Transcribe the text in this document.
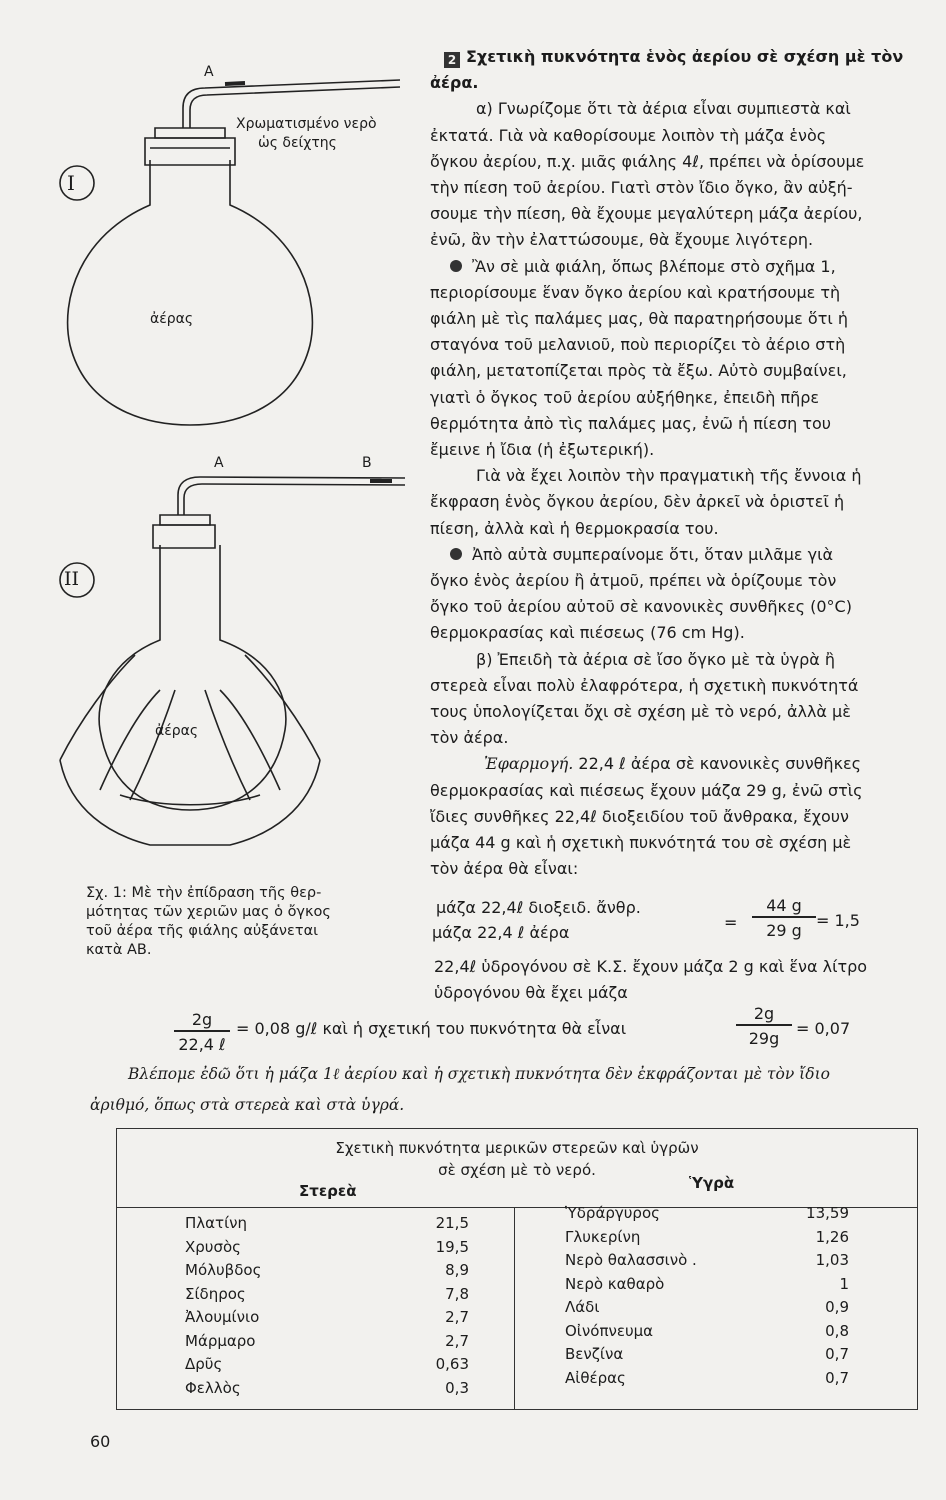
I
II
A
A	B
Χρωματισμένο νερὸ
ὡς δείχτης
ἀέρας
ἀέρας
Σχ. 1: Μὲ τὴν ἐπίδραση τῆς θερ-
μότητας τῶν χεριῶν μας ὁ ὄγκος
τοῦ ἀέρα τῆς φιάλης αὐξάνεται
κατὰ ΑΒ.

2 Σχετικὴ πυκνότητα ἑνὸς ἀερίου σὲ σχέση μὲ τὸν

ἀέρα.

α) Γνωρίζομε ὅτι τὰ ἀέρια εἶναι συμπιεστὰ καὶ

ἐκτατά. Γιὰ νὰ καθορίσουμε λοιπὸν τὴ μάζα ἑνὸς

ὄγκου ἀερίου, π.χ. μιᾶς φιάλης 4ℓ, πρέπει νὰ ὁρίσουμε

τὴν πίεση τοῦ ἀερίου. Γιατὶ στὸν ἴδιο ὄγκο, ἂν αὐξή-

σουμε τὴν πίεση, θὰ ἔχουμε μεγαλύτερη μάζα ἀερίου,

ἐνῶ, ἂν τὴν ἐλαττώσουμε, θὰ ἔχουμε λιγότερη.

Ἂν σὲ μιὰ φιάλη, ὅπως βλέπομε στὸ σχῆμα 1,

περιορίσουμε ἕναν ὄγκο ἀερίου καὶ κρατήσουμε τὴ

φιάλη μὲ τὶς παλάμες μας, θὰ παρατηρήσουμε ὅτι ἡ

σταγόνα τοῦ μελανιοῦ, ποὺ περιορίζει τὸ ἀέριο στὴ

φιάλη, μετατοπίζεται πρὸς τὰ ἔξω. Αὐτὸ συμβαίνει,

γιατὶ ὁ ὄγκος τοῦ ἀερίου αὐξήθηκε, ἐπειδὴ πῆρε

θερμότητα ἀπὸ τὶς παλάμες μας, ἐνῶ ἡ πίεση του

ἔμεινε ἡ ἴδια (ἡ ἐξωτερική).

Γιὰ νὰ ἔχει λοιπὸν τὴν πραγματικὴ τῆς ἔννοια ἡ

ἔκφραση ἑνὸς ὄγκου ἀερίου, δὲν ἀρκεῖ νὰ ὁριστεῖ ἡ

πίεση, ἀλλὰ καὶ ἡ θερμοκρασία του.

Ἀπὸ αὐτὰ συμπεραίνομε ὅτι, ὅταν μιλᾶμε γιὰ

ὄγκο ἑνὸς ἀερίου ἢ ἀτμοῦ, πρέπει νὰ ὁρίζουμε τὸν

ὄγκο τοῦ ἀερίου αὐτοῦ σὲ κανονικὲς συνθῆκες (0°C)

θερμοκρασίας καὶ πιέσεως (76 cm Hg).

β) Ἐπειδὴ τὰ ἀέρια σὲ ἴσο ὄγκο μὲ τὰ ὑγρὰ ἢ

στερεὰ εἶναι πολὺ ἐλαφρότερα, ἡ σχετικὴ πυκνότητά

τους ὑπολογίζεται ὄχι σὲ σχέση μὲ τὸ νερό, ἀλλὰ μὲ

τὸν ἀέρα.

Ἐφαρμογή. 22,4 ℓ ἀέρα σὲ κανονικὲς συνθῆκες

θερμοκρασίας καὶ πιέσεως ἔχουν μάζα 29 g, ἐνῶ στὶς

ἴδιες συνθῆκες 22,4ℓ διοξειδίου τοῦ ἄνθρακα, ἔχουν

μάζα 44 g καὶ ἡ σχετικὴ πυκνότητά του σὲ σχέση μὲ

τὸν ἀέρα θὰ εἶναι:

μάζα 22,4ℓ διοξειδ. ἄνθρ.
μάζα 22,4 ℓ ἀέρα	=
44 g
29 g = 1,5
22,4ℓ ὑδρογόνου σὲ Κ.Σ. ἔχουν μάζα 2 g καὶ ἕνα λίτρο
ὑδρογόνου θὰ ἔχει μάζα
2g
22,4 ℓ
= 0,08 g/ℓ καὶ ἡ σχετική του πυκνότητα θὰ εἶναι
2g
29g	= 0,07
Βλέπομε ἐδῶ ὅτι ἡ μάζα 1ℓ ἀερίου καὶ ἡ σχετικὴ πυκνότητα δὲν ἐκφράζονται μὲ τὸν ἴδιο
ἀριθμό, ὅπως στὰ στερεὰ καὶ στὰ ὑγρά.
Σχετικὴ πυκνότητα μερικῶν στερεῶν καὶ ὑγρῶν
σὲ σχέση μὲ τὸ νερό.
Στερεὰ	Ὑγρὰ
Πλατίνη	21,5
Χρυσὸς	19,5
Μόλυβδος	8,9
Σίδηρος	7,8
Ἀλουμίνιο	2,7
Μάρμαρο	2,7
Δρῦς	0,63
Φελλὸς	0,3
Ὑδράργυρος	13,59
Γλυκερίνη	1,26
Νερὸ θαλασσινὸ .	1,03
Νερὸ καθαρὸ	1
Λάδι	0,9
Οἰνόπνευμα	0,8
Βενζίνα	0,7
Αἰθέρας	0,7
60
